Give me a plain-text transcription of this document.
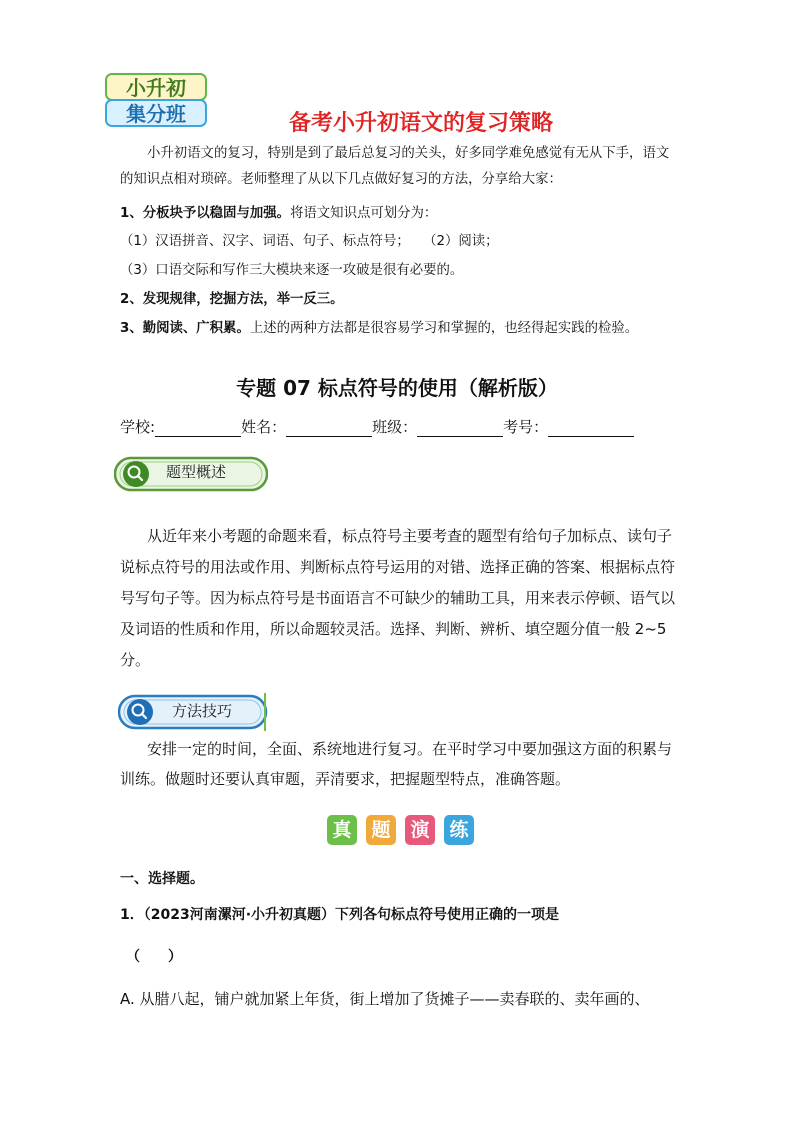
小升初
集分班	备考小升初语文的复习策略
小升初语文的复习，特别是到了最后总复习的关头，好多同学难免感觉有无从下手，语文的知识点相对琐碎。老师整理了从以下几点做好复习的方法，分享给大家：
1、分板块予以稳固与加强。将语文知识点可划分为：
（1）汉语拼音、汉字、词语、句子、标点符号；　　（2）阅读；
（3）口语交际和写作三大模块来逐一攻破是很有必要的。
2、发现规律，挖掘方法，举一反三。
3、勤阅读、广积累。上述的两种方法都是很容易学习和掌握的，也经得起实践的检验。
专题 07 标点符号的使用（解析版）
学校:	姓名：	班级：	考号：
题型概述
从近年来小考题的命题来看，标点符号主要考查的题型有给句子加标点、读句子说标点符号的用法或作用、判断标点符号运用的对错、选择正确的答案、根据标点符号写句子等。因为标点符号是书面语言不可缺少的辅助工具，用来表示停顿、语气以及词语的性质和作用，所以命题较灵活。选择、判断、辨析、填空题分值一般 2~5 分。
方法技巧
安排一定的时间，全面、系统地进行复习。在平时学习中要加强这方面的积累与训练。做题时还要认真审题，弄清要求，把握题型特点，准确答题。
真 题 演 练
一、选择题。
1．（2023河南漯河·小升初真题）下列各句标点符号使用正确的一项是
（　　）
A. 从腊八起，铺户就加紧上年货，街上增加了货摊子——卖春联的、卖年画的、
